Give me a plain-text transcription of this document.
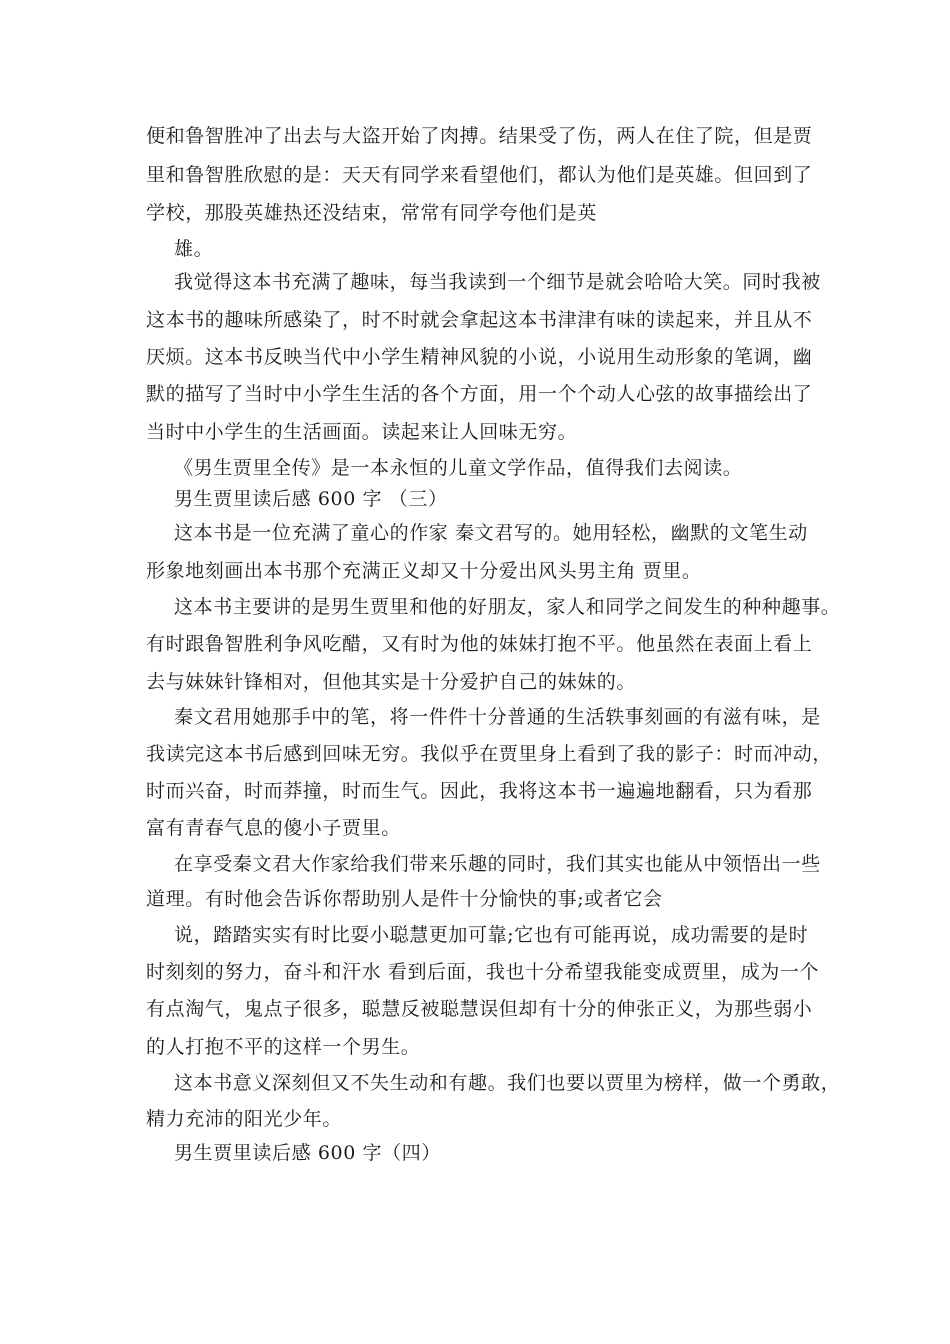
便和鲁智胜冲了出去与大盗开始了肉搏。结果受了伤，两人在住了院，但是贾
里和鲁智胜欣慰的是：天天有同学来看望他们，都认为他们是英雄。但回到了
学校，那股英雄热还没结束，常常有同学夸他们是英
雄。
我觉得这本书充满了趣味，每当我读到一个细节是就会哈哈大笑。同时我被
这本书的趣味所感染了，时不时就会拿起这本书津津有味的读起来，并且从不
厌烦。这本书反映当代中小学生精神风貌的小说，小说用生动形象的笔调，幽
默的描写了当时中小学生生活的各个方面，用一个个动人心弦的故事描绘出了
当时中小学生的生活画面。读起来让人回味无穷。
《男生贾里全传》是一本永恒的儿童文学作品，值得我们去阅读。
男生贾里读后感 600 字 （三）
这本书是一位充满了童心的作家 秦文君写的。她用轻松，幽默的文笔生动
形象地刻画出本书那个充满正义却又十分爱出风头男主角 贾里。
这本书主要讲的是男生贾里和他的好朋友，家人和同学之间发生的种种趣事。
有时跟鲁智胜利争风吃醋，又有时为他的妹妹打抱不平。他虽然在表面上看上
去与妹妹针锋相对，但他其实是十分爱护自己的妹妹的。
秦文君用她那手中的笔，将一件件十分普通的生活轶事刻画的有滋有味，是
我读完这本书后感到回味无穷。我似乎在贾里身上看到了我的影子：时而冲动，
时而兴奋，时而莽撞，时而生气。因此，我将这本书一遍遍地翻看，只为看那
富有青春气息的傻小子贾里。
在享受秦文君大作家给我们带来乐趣的同时，我们其实也能从中领悟出一些
道理。有时他会告诉你帮助别人是件十分愉快的事;或者它会
说，踏踏实实有时比耍小聪慧更加可靠;它也有可能再说，成功需要的是时
时刻刻的努力，奋斗和汗水 看到后面，我也十分希望我能变成贾里，成为一个
有点淘气，鬼点子很多，聪慧反被聪慧误但却有十分的伸张正义，为那些弱小
的人打抱不平的这样一个男生。
这本书意义深刻但又不失生动和有趣。我们也要以贾里为榜样，做一个勇敢，
精力充沛的阳光少年。
男生贾里读后感 600 字（四）
